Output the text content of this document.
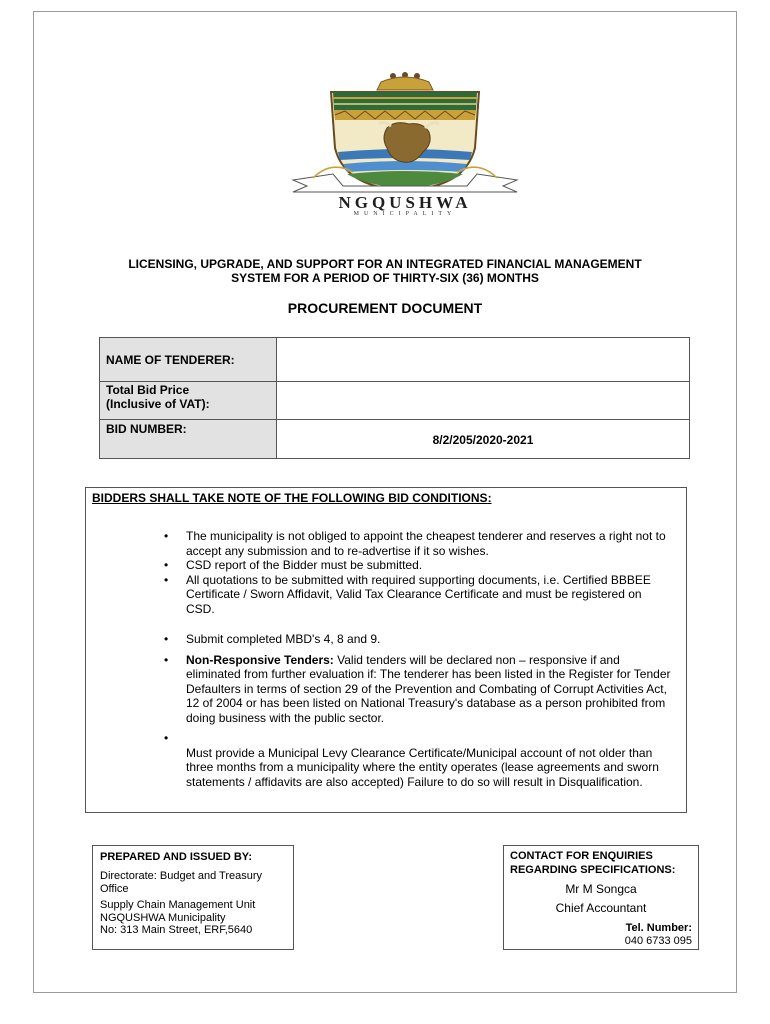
NGQUSHWA
MUNICIPALITY
LICENSING, UPGRADE, AND SUPPORT FOR AN INTEGRATED FINANCIAL MANAGEMENT
SYSTEM FOR A PERIOD OF THIRTY-SIX (36) MONTHS
PROCUREMENT DOCUMENT
NAME OF TENDERER:	

Total Bid Price
(Inclusive of VAT):	

BID NUMBER:	8/2/205/2020-2021
BIDDERS SHALL TAKE NOTE OF THE FOLLOWING BID CONDITIONS:
• The municipality is not obliged to appoint the cheapest tenderer and reserves a right not to accept any submission and to re-advertise if it so wishes.
• CSD report of the Bidder must be submitted.
• All quotations to be submitted with required supporting documents, i.e. Certified BBBEE Certificate / Sworn Affidavit, Valid Tax Clearance Certificate and must be registered on CSD.
• Submit completed MBD's 4, 8 and 9.
• Non-Responsive Tenders: Valid tenders will be declared non – responsive if and eliminated from further evaluation if: The tenderer has been listed in the Register for Tender Defaulters in terms of section 29 of the Prevention and Combating of Corrupt Activities Act, 12 of 2004 or has been listed on National Treasury's database as a person prohibited from doing business with the public sector.

• Must provide a Municipal Levy Clearance Certificate/Municipal account of not older than three months from a municipality where the entity operates (lease agreements and sworn statements / affidavits are also accepted) Failure to do so will result in Disqualification.
PREPARED AND ISSUED BY:
Directorate: Budget and Treasury Office
Supply Chain Management Unit
NGQUSHWA Municipality
No: 313 Main Street, ERF,5640
CONTACT FOR ENQUIRIES REGARDING SPECIFICATIONS:
Mr M Songca
Chief Accountant
Tel. Number:
040 6733 095
